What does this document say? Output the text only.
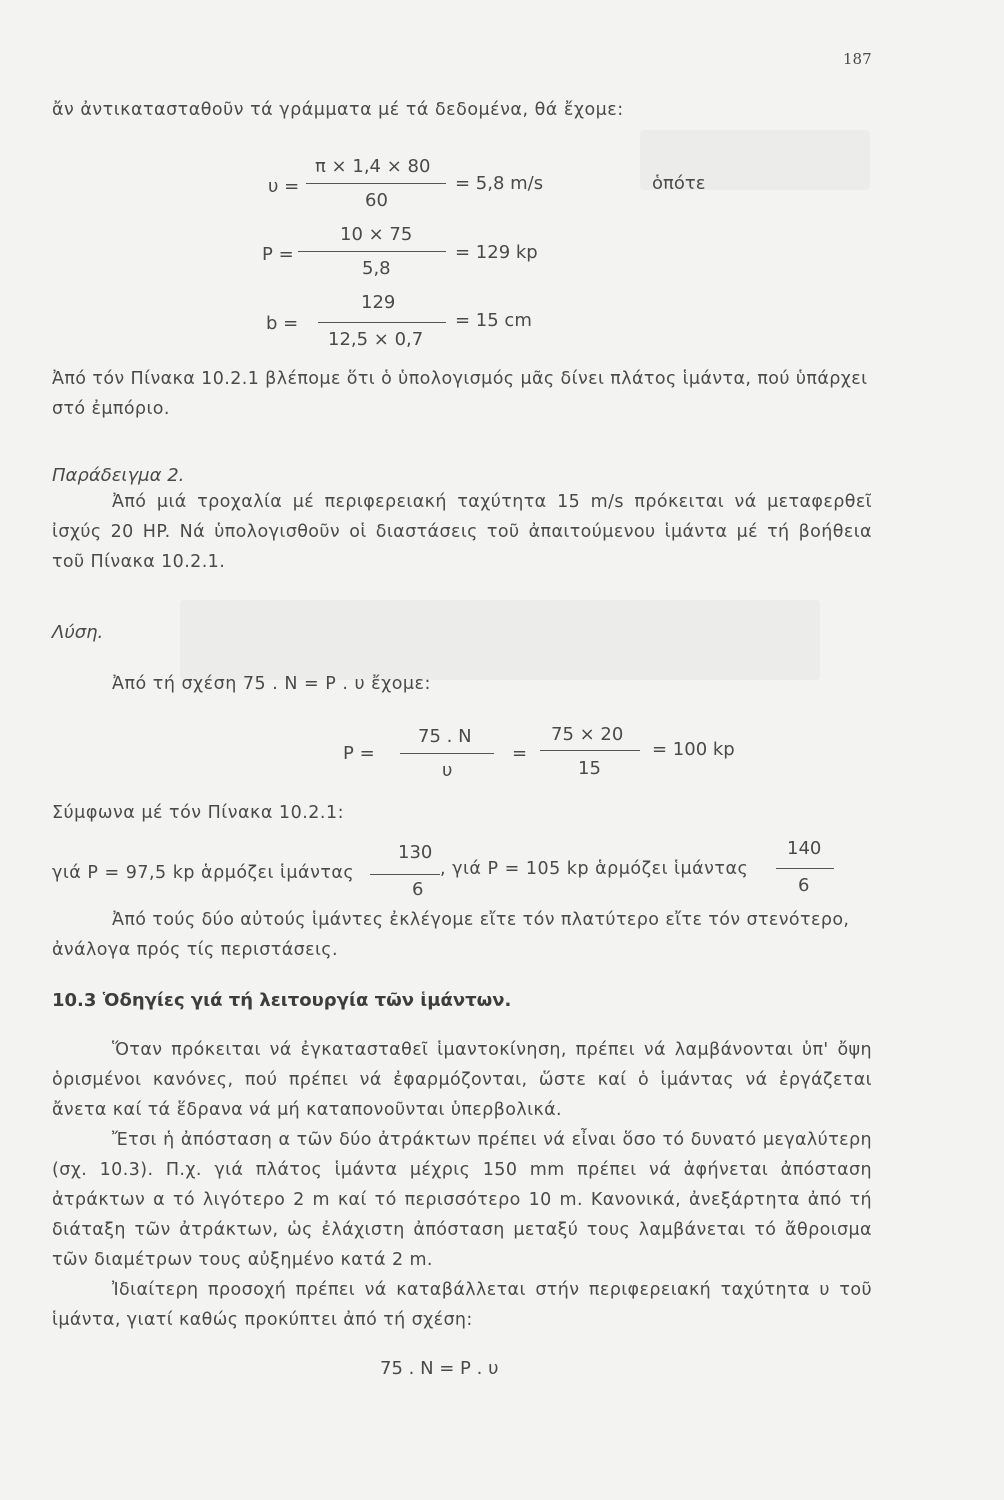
187
ἄν ἀντικατασταθοῦν τά γράμματα μέ τά δεδομένα, θά ἔχομε:
υ =
π × 1,4 × 80
60
= 5,8 m/s	ὁπότε
P =
10 × 75
5,8
= 129 kp
b =
129
12,5 × 0,7
= 15 cm

Ἀπό τόν Πίνακα 10.2.1 βλέπομε ὅτι ὁ ὑπολογισμός μᾶς δίνει πλάτος ἱμάντα, πού ὑπάρχει στό ἐμπόριο.

Παράδειγμα 2.

Ἀπό μιά τροχαλία μέ περιφερειακή ταχύτητα 15 m/s πρόκειται νά μεταφερθεῖ ἰσχύς 20 HP. Νά ὑπολογισθοῦν οἱ διαστάσεις τοῦ ἀπαιτούμενου ἱμάντα μέ τή βοήθεια τοῦ Πίνακα 10.2.1.

Λύση.
Ἀπό τή σχέση 75 . N = P . υ ἔχομε:
P =
75 . N
υ
=
75 × 20
15
= 100 kp
Σύμφωνα μέ τόν Πίνακα 10.2.1:
γιά P = 97,5 kp ἁρμόζει ἱμάντας
130
6
, γιά P = 105 kp ἁρμόζει ἱμάντας
140
6

Ἀπό τούς δύο αὐτούς ἱμάντες ἐκλέγομε εἴτε τόν πλατύτερο εἴτε τόν στενότερο, ἀνάλογα πρός τίς περιστάσεις.

10.3 Ὁδηγίες γιά τή λειτουργία τῶν ἱμάντων.

Ὅταν πρόκειται νά ἐγκατασταθεῖ ἱμαντοκίνηση, πρέπει νά λαμβάνονται ὑπ' ὄψη ὁρισμένοι κανόνες, πού πρέπει νά ἐφαρμόζονται, ὥστε καί ὁ ἱμάντας νά ἐργάζεται ἄνετα καί τά ἕδρανα νά μή καταπονοῦνται ὑπερβολικά.

Ἔτσι ἡ ἀπόσταση α τῶν δύο ἀτράκτων πρέπει νά εἶναι ὅσο τό δυνατό μεγαλύτερη (σχ. 10.3). Π.χ. γιά πλάτος ἱμάντα μέχρις 150 mm πρέπει νά ἀφήνεται ἀπόσταση ἀτράκτων α τό λιγότερο 2 m καί τό περισσότερο 10 m. Κανονικά, ἀνεξάρτητα ἀπό τή διάταξη τῶν ἀτράκτων, ὡς ἐλάχιστη ἀπόσταση μεταξύ τους λαμβάνεται τό ἄθροισμα τῶν διαμέτρων τους αὐξημένο κατά 2 m.

Ἰδιαίτερη προσοχή πρέπει νά καταβάλλεται στήν περιφερειακή ταχύτητα υ τοῦ ἱμάντα, γιατί καθώς προκύπτει ἀπό τή σχέση:

75 . N = P . υ
